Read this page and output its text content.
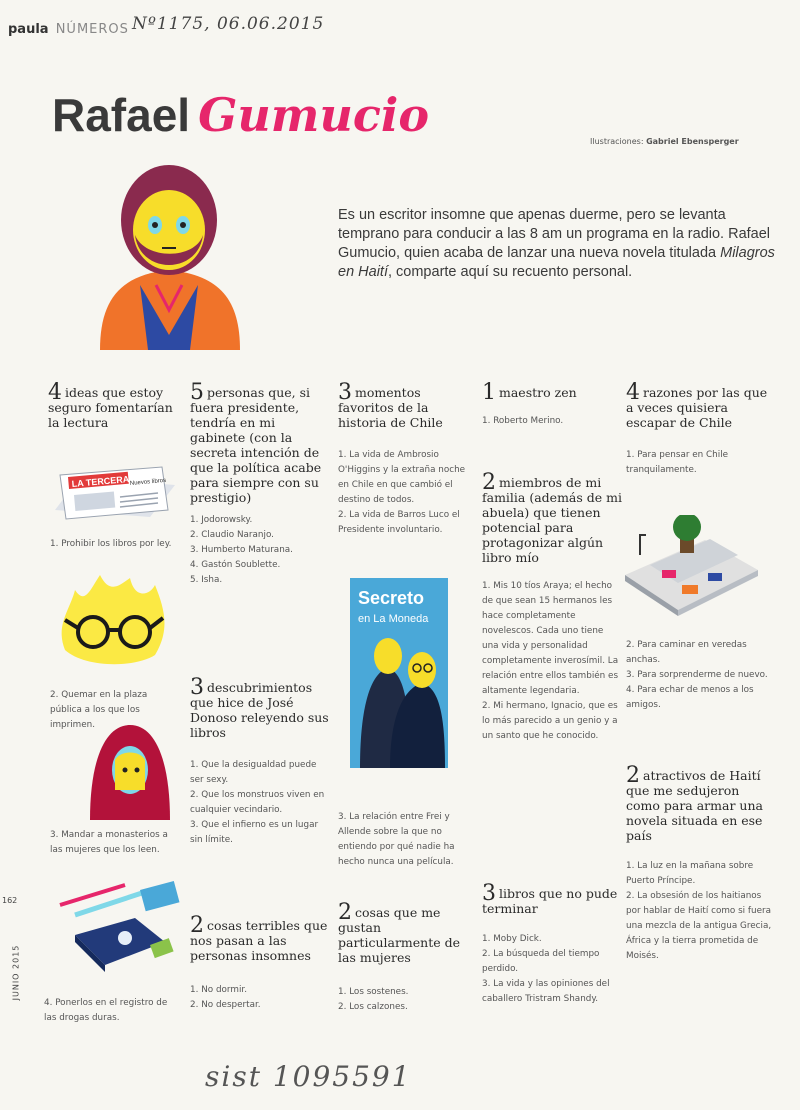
paula NÚMEROS Nº1175, 06.06.2015
Rafael Gumucio	Ilustraciones: Gabriel Ebensperger

Es un escritor insomne que apenas duerme, pero se levanta temprano para conducir a las 8 am un programa en la radio. Rafael Gumucio, quien acaba de lanzar una nueva novela titulada Milagros en Haití, comparte aquí su recuento personal.

4 ideas que estoy seguro fomentarían la lectura
LA TERCERA Nuevos libros
1. Prohibir los libros por ley.
2. Quemar en la plaza pública a los que los imprimen.
3. Mandar a monasterios a las mujeres que los leen.
4. Ponerlos en el registro de las drogas duras.
5 personas que, si fuera presidente, tendría en mi gabinete (con la secreta intención de que la política acabe para siempre con su prestigio)
1. Jodorowsky.
2. Claudio Naranjo.
3. Humberto Maturana.
4. Gastón Soublette.
5. Isha.
3 descubrimientos que hice de José Donoso releyendo sus libros
1. Que la desigualdad puede ser sexy.
2. Que los monstruos viven en cualquier vecindario.
3. Que el infierno es un lugar sin límite.
2 cosas terribles que nos pasan a las personas insomnes
1. No dormir.
2. No despertar.
3 momentos favoritos de la historia de Chile
1. La vida de Ambrosio O'Higgins y la extraña noche en Chile en que cambió el destino de todos.
2. La vida de Barros Luco el Presidente involuntario.
Secreto
en La Moneda
3. La relación entre Frei y Allende sobre la que no entiendo por qué nadie ha hecho nunca una película.
2 cosas que me gustan particularmente de las mujeres
1. Los sostenes.
2. Los calzones.
1 maestro zen
1. Roberto Merino.
2 miembros de mi familia (además de mi abuela) que tienen potencial para protagonizar algún libro mío
1. Mis 10 tíos Araya; el hecho de que sean 15 hermanos les hace completamente novelescos. Cada uno tiene una vida y personalidad completamente inverosímil. La relación entre ellos también es altamente legendaria.
2. Mi hermano, Ignacio, que es lo más parecido a un genio y a un santo que he conocido.
3 libros que no pude terminar
1. Moby Dick.
2. La búsqueda del tiempo perdido.
3. La vida y las opiniones del caballero Tristram Shandy.
4 razones por las que a veces quisiera escapar de Chile
1. Para pensar en Chile tranquilamente.
2. Para caminar en veredas anchas.
3. Para sorprenderme de nuevo.
4. Para echar de menos a los amigos.
2 atractivos de Haití que me sedujeron como para armar una novela situada en ese país
1. La luz en la mañana sobre Puerto Príncipe.
2. La obsesión de los haitianos por hablar de Haití como si fuera una mezcla de la antigua Grecia, África y la tierra prometida de Moisés.
162
JUNIO 2015
sist 1095591
